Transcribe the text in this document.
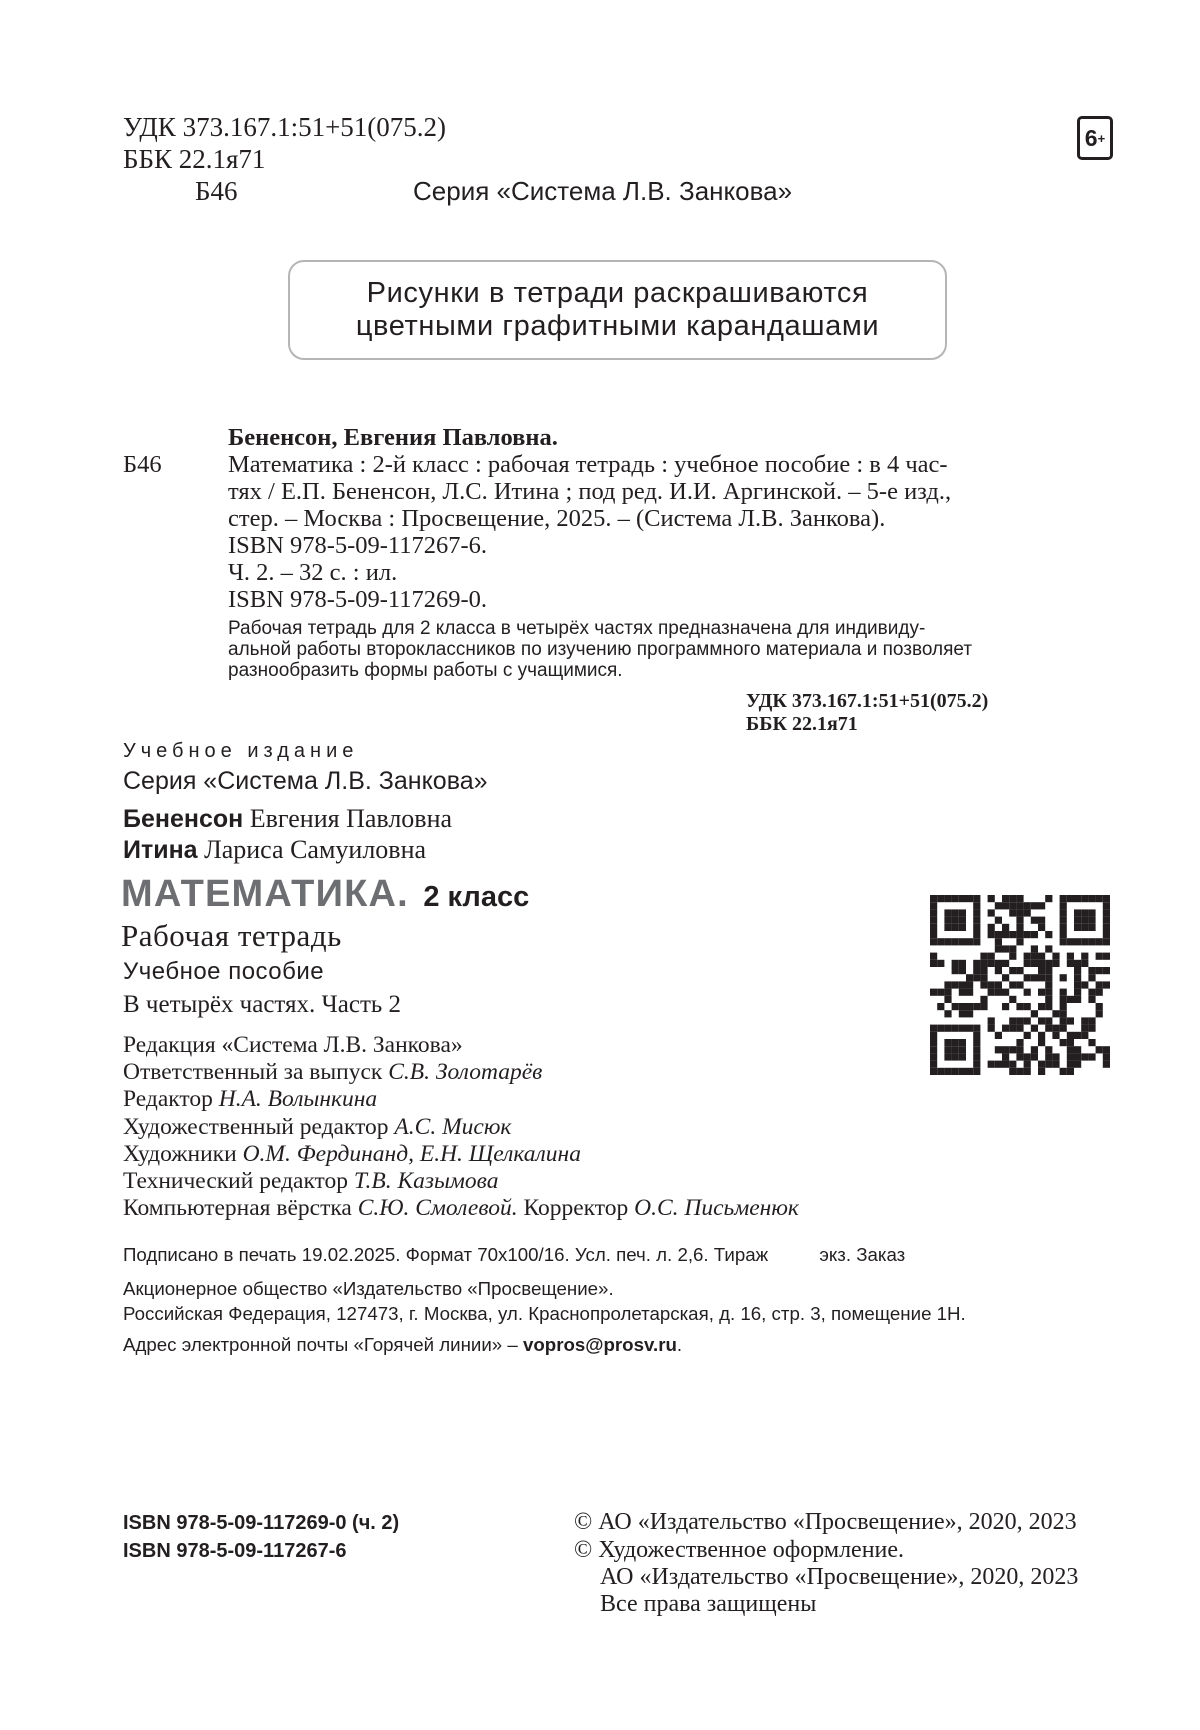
УДК 373.167.1:51+51(075.2)
ББК 22.1я71
Б46	Серия «Система Л.В. Занкова»
6 +
Рисунки в тетради раскрашиваются
цветными графитными карандашами
Бененсон, Евгения Павловна.
Б46	Математика : 2-й класс : рабочая тетрадь : учебное пособие : в 4 час-
тях / Е.П. Бененсон, Л.С. Итина ; под ред. И.И. Аргинской. – 5-е изд.,
стер. – Москва : Просвещение, 2025. – (Система Л.В. Занкова).
ISBN 978-5-09-117267-6.
Ч. 2. – 32 с. : ил.
ISBN 978-5-09-117269-0.
Рабочая тетрадь для 2 класса в четырёх частях предназначена для индивиду-
альной работы второклассников по изучению программного материала и позволяет
разнообразить формы работы с учащимися.
УДК 373.167.1:51+51(075.2)
ББК 22.1я71
Учебное издание
Серия «Система Л.В. Занкова»
Бененсон Евгения Павловна
Итина Лариса Самуиловна
МАТЕМАТИКА. 2 класс
Рабочая тетрадь
Учебное пособие
В четырёх частях. Часть 2
Редакция «Система Л.В. Занкова»
Ответственный за выпуск С.В. Золотарёв
Редактор Н.А. Волынкина
Художественный редактор А.С. Мисюк
Художники О.М. Фердинанд, Е.Н. Щелкалина
Технический редактор Т.В. Казымова
Компьютерная вёрстка С.Ю. Смолевой. Корректор О.С. Письменюк
Подписано в печать 19.02.2025. Формат 70x100/16. Усл. печ. л. 2,6. Тираж	экз. Заказ
Акционерное общество «Издательство «Просвещение».
Российская Федерация, 127473, г. Москва, ул. Краснопролетарская, д. 16, стр. 3, помещение 1Н.
Адрес электронной почты «Горячей линии» – vopros@prosv.ru.
ISBN 978-5-09-117269-0 (ч. 2)
ISBN 978-5-09-117267-6
© АО «Издательство «Просвещение», 2020, 2023
© Художественное оформление.
АО «Издательство «Просвещение», 2020, 2023
Все права защищены
